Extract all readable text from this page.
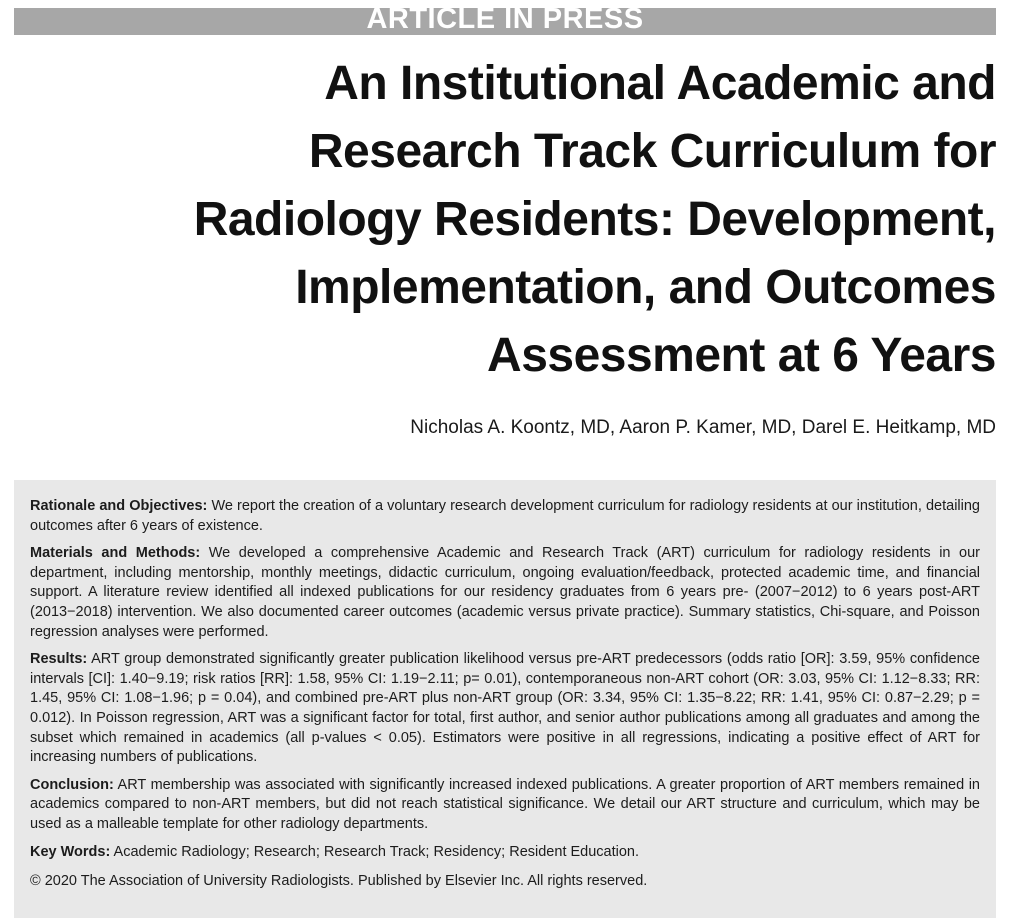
ARTICLE IN PRESS
An Institutional Academic and
Research Track Curriculum for
Radiology Residents: Development,
Implementation, and Outcomes
Assessment at 6 Years
Nicholas A. Koontz, MD, Aaron P. Kamer, MD, Darel E. Heitkamp, MD

Rationale and Objectives: We report the creation of a voluntary research development curriculum for radiology residents at our institution, detailing outcomes after 6 years of existence.

Materials and Methods: We developed a comprehensive Academic and Research Track (ART) curriculum for radiology residents in our department, including mentorship, monthly meetings, didactic curriculum, ongoing evaluation/feedback, protected academic time, and financial support. A literature review identified all indexed publications for our residency graduates from 6 years pre- (2007−2012) to 6 years post-ART (2013−2018) intervention. We also documented career outcomes (academic versus private practice). Summary statistics, Chi-square, and Poisson regression analyses were performed.

Results: ART group demonstrated significantly greater publication likelihood versus pre-ART predecessors (odds ratio [OR]: 3.59, 95% confidence intervals [CI]: 1.40−9.19; risk ratios [RR]: 1.58, 95% CI: 1.19−2.11; p= 0.01), contemporaneous non-ART cohort (OR: 3.03, 95% CI: 1.12−8.33; RR: 1.45, 95% CI: 1.08−1.96; p = 0.04), and combined pre-ART plus non-ART group (OR: 3.34, 95% CI: 1.35−8.22; RR: 1.41, 95% CI: 0.87−2.29; p = 0.012). In Poisson regression, ART was a significant factor for total, first author, and senior author publications among all graduates and among the subset which remained in academics (all p-values < 0.05). Estimators were positive in all regressions, indicating a positive effect of ART for increasing numbers of publications.

Conclusion: ART membership was associated with significantly increased indexed publications. A greater proportion of ART members remained in academics compared to non-ART members, but did not reach statistical significance. We detail our ART structure and curriculum, which may be used as a malleable template for other radiology departments.

Key Words: Academic Radiology; Research; Research Track; Residency; Resident Education.

© 2020 The Association of University Radiologists. Published by Elsevier Inc. All rights reserved.
